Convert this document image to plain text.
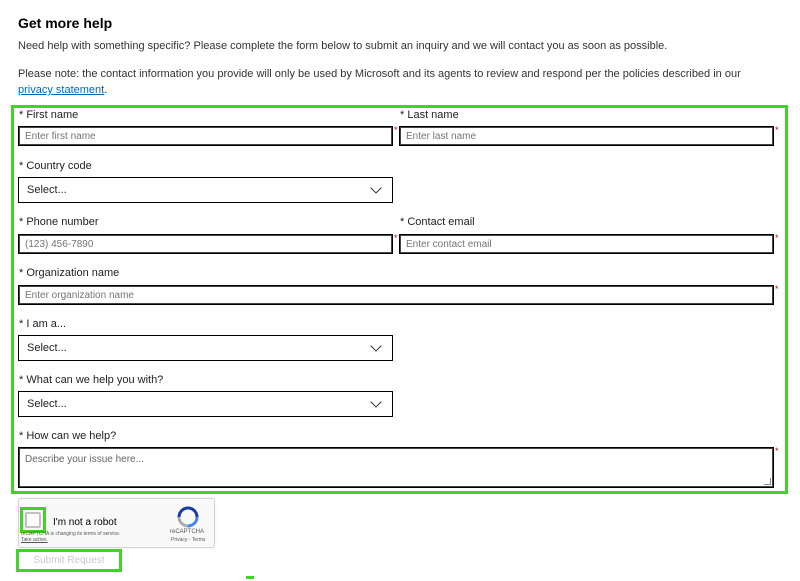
Get more help

Need help with something specific? Please complete the form below to submit an inquiry and we will contact you as soon as possible.

Please note: the contact information you provide will only be used by Microsoft and its agents to review and respond per the policies described in our privacy statement.

* First name
Enter first name
*
* Last name
Enter last name
*
* Country code
Select...
* Phone number
(123) 456-7890
*
* Contact email
Enter contact email
*
* Organization name
Enter organization name
*
* I am a...
Select...
* What can we help you with?
Select...
* How can we help?
Describe your issue here...
*
I'm not a robot
reCAPTCHA is changing its terms of service.
Take action.
reCAPTCHA
Privacy - Terms
Submit Request
